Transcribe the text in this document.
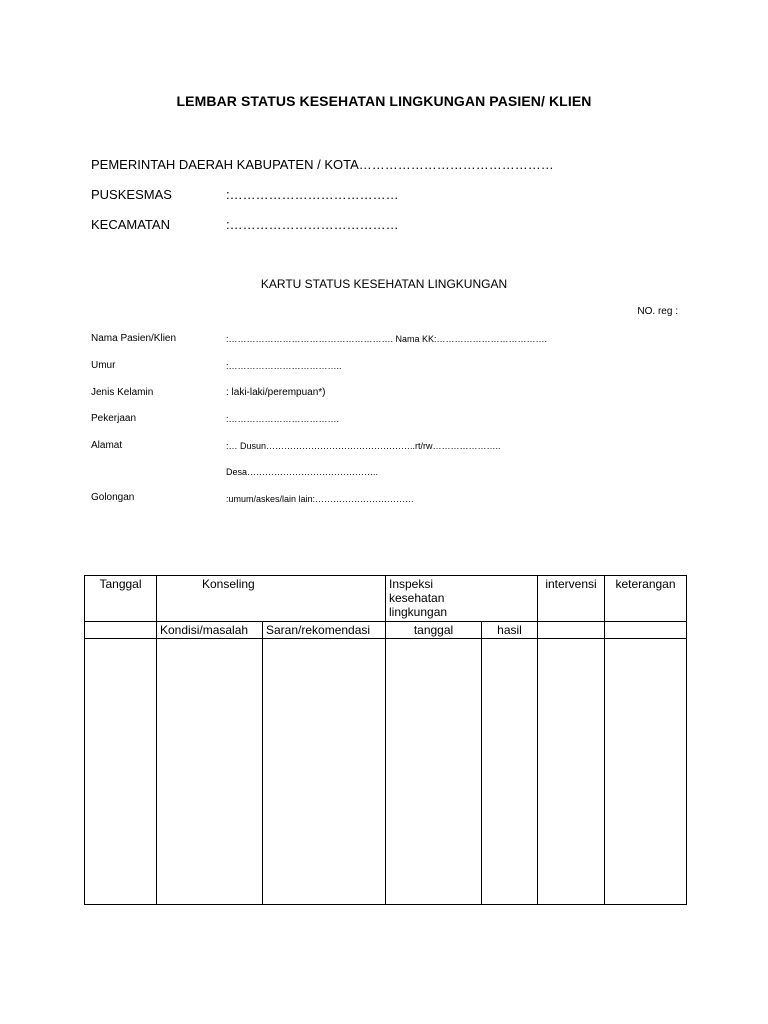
LEMBAR STATUS KESEHATAN LINGKUNGAN PASIEN/ KLIEN
PEMERINTAH DAERAH KABUPATEN / KOTA………………………………………
PUSKESMAS	:…………………………………
KECAMATAN	:…………………………………
KARTU STATUS KESEHATAN LINGKUNGAN
NO. reg :
Nama Pasien/Klien	:………………………………………………. Nama KK:……………………………….
Umur	:………………………………..
Jenis Kelamin	: laki-laki/perempuan*)
Pekerjaan	:……………………………….
Alamat	:… Dusun…………………………………………..rt/rw…………………..
Desa……………………………………..
Golongan	:umum/askes/lain lain:……………………………
Tanggal	Konseling		Inspeksi kesehatan lingkungan		intervensi	keterangan
	Kondisi/masalah	Saran/rekomendasi	tanggal	hasil		
